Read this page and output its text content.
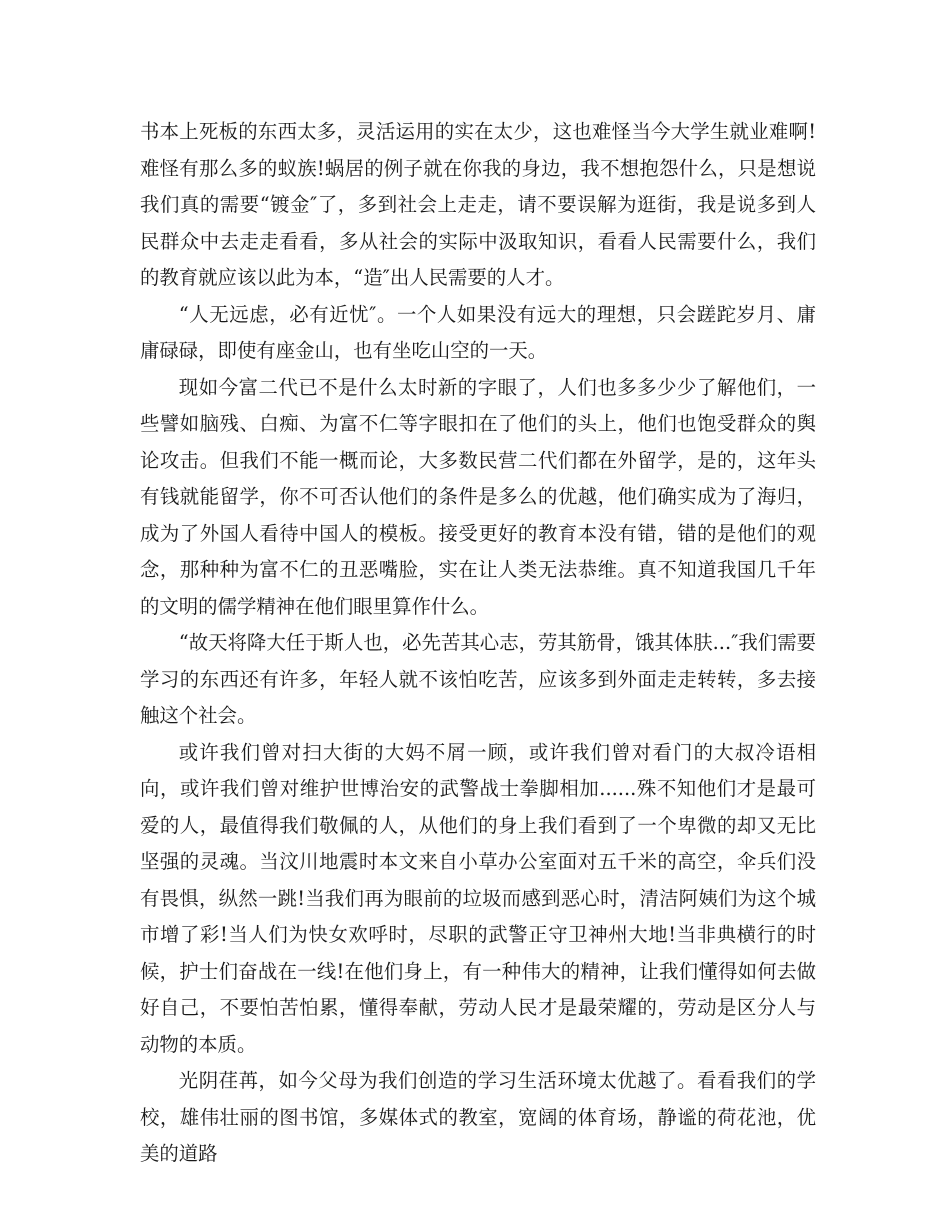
书本上死板的东西太多，灵活运用的实在太少，这也难怪当今大学生就业难啊!难怪有那么多的蚁族!蜗居的例子就在你我的身边，我不想抱怨什么，只是想说我们真的需要“镀金″了，多到社会上走走，请不要误解为逛街，我是说多到人民群众中去走走看看，多从社会的实际中汲取知识，看看人民需要什么，我们的教育就应该以此为本，“造″出人民需要的人才。

“人无远虑，必有近忧″。一个人如果没有远大的理想，只会蹉跎岁月、庸庸碌碌，即使有座金山，也有坐吃山空的一天。

现如今富二代已不是什么太时新的字眼了，人们也多多少少了解他们，一些譬如脑残、白痴、为富不仁等字眼扣在了他们的头上，他们也饱受群众的舆论攻击。但我们不能一概而论，大多数民营二代们都在外留学，是的，这年头有钱就能留学，你不可否认他们的条件是多么的优越，他们确实成为了海归，成为了外国人看待中国人的模板。接受更好的教育本没有错，错的是他们的观念，那种种为富不仁的丑恶嘴脸，实在让人类无法恭维。真不知道我国几千年的文明的儒学精神在他们眼里算作什么。

“故天将降大任于斯人也，必先苦其心志，劳其筋骨，饿其体肤...″我们需要学习的东西还有许多，年轻人就不该怕吃苦，应该多到外面走走转转，多去接触这个社会。

或许我们曾对扫大街的大妈不屑一顾，或许我们曾对看门的大叔冷语相向，或许我们曾对维护世博治安的武警战士拳脚相加......殊不知他们才是最可爱的人，最值得我们敬佩的人，从他们的身上我们看到了一个卑微的却又无比坚强的灵魂。当汶川地震时本文来自小草办公室面对五千米的高空，伞兵们没有畏惧，纵然一跳!当我们再为眼前的垃圾而感到恶心时，清洁阿姨们为这个城市增了彩!当人们为快女欢呼时，尽职的武警正守卫神州大地!当非典横行的时候，护士们奋战在一线!在他们身上，有一种伟大的精神，让我们懂得如何去做好自己，不要怕苦怕累，懂得奉献，劳动人民才是最荣耀的，劳动是区分人与动物的本质。

光阴荏苒，如今父母为我们创造的学习生活环境太优越了。看看我们的学校，雄伟壮丽的图书馆，多媒体式的教室，宽阔的体育场，静谧的荷花池，优美的道路
